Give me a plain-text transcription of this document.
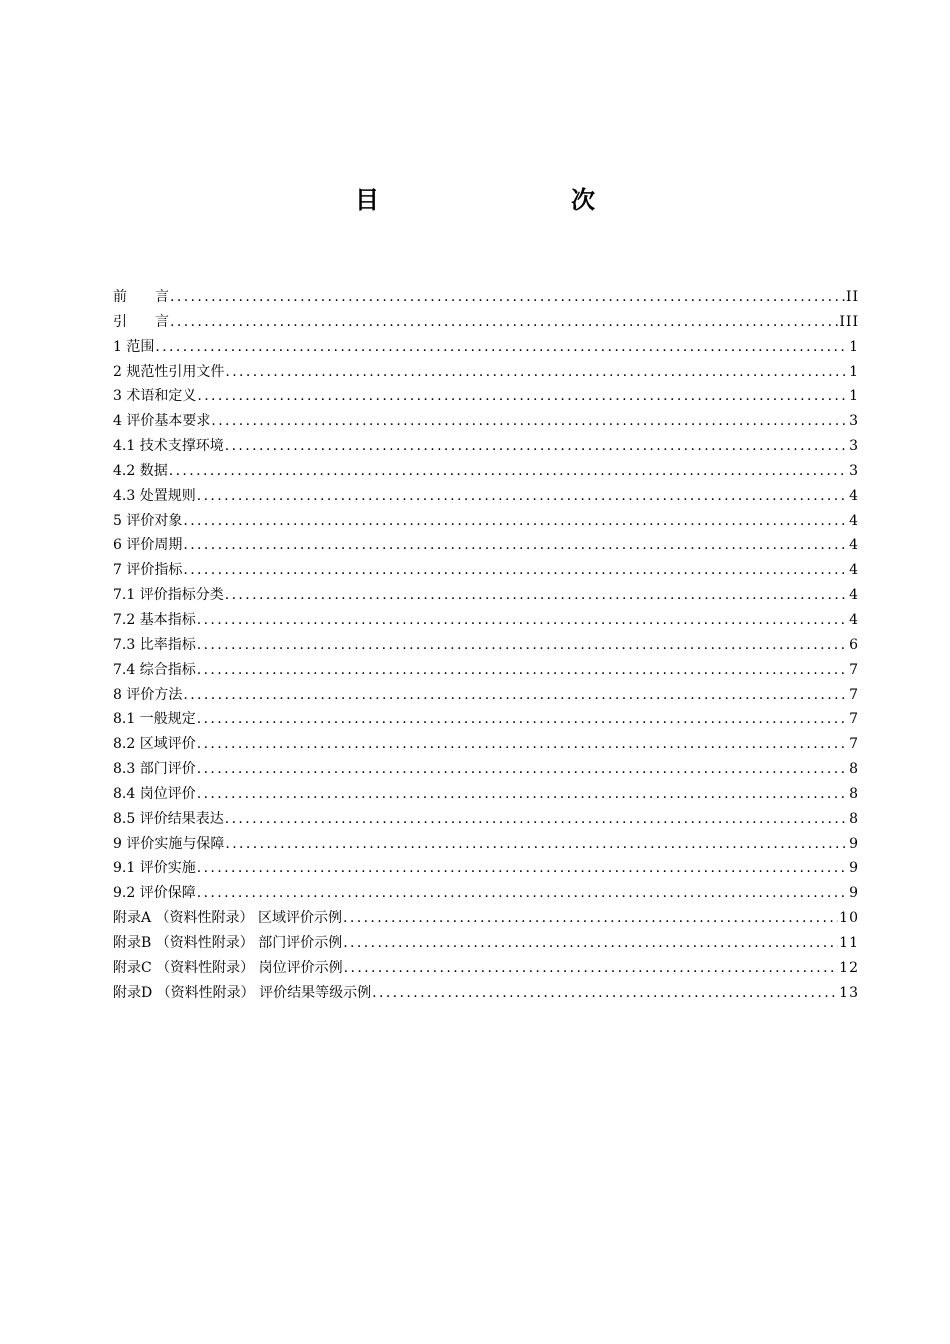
目　　次
前　　言 .....	II
引　　言 .....	III
1 范围 .....	1
2 规范性引用文件 .....	1
3 术语和定义 .....	1
4 评价基本要求 .....	3
4.1 技术支撑环境 .....	3
4.2 数据 .....	3
4.3 处置规则 .....	4
5 评价对象 .....	4
6 评价周期 .....	4
7 评价指标 .....	4
7.1 评价指标分类 .....	4
7.2 基本指标 .....	4
7.3 比率指标 .....	6
7.4 综合指标 .....	7
8 评价方法 .....	7
8.1 一般规定 .....	7
8.2 区域评价 .....	7
8.3 部门评价 .....	8
8.4 岗位评价 .....	8
8.5 评价结果表达 .....	8
9 评价实施与保障 .....	9
9.1 评价实施 .....	9
9.2 评价保障 .....	9
附录A （资料性附录） 区域评价示例 .....	10
附录B （资料性附录） 部门评价示例 .....	11
附录C （资料性附录） 岗位评价示例 .....	12
附录D （资料性附录） 评价结果等级示例 .....	13
